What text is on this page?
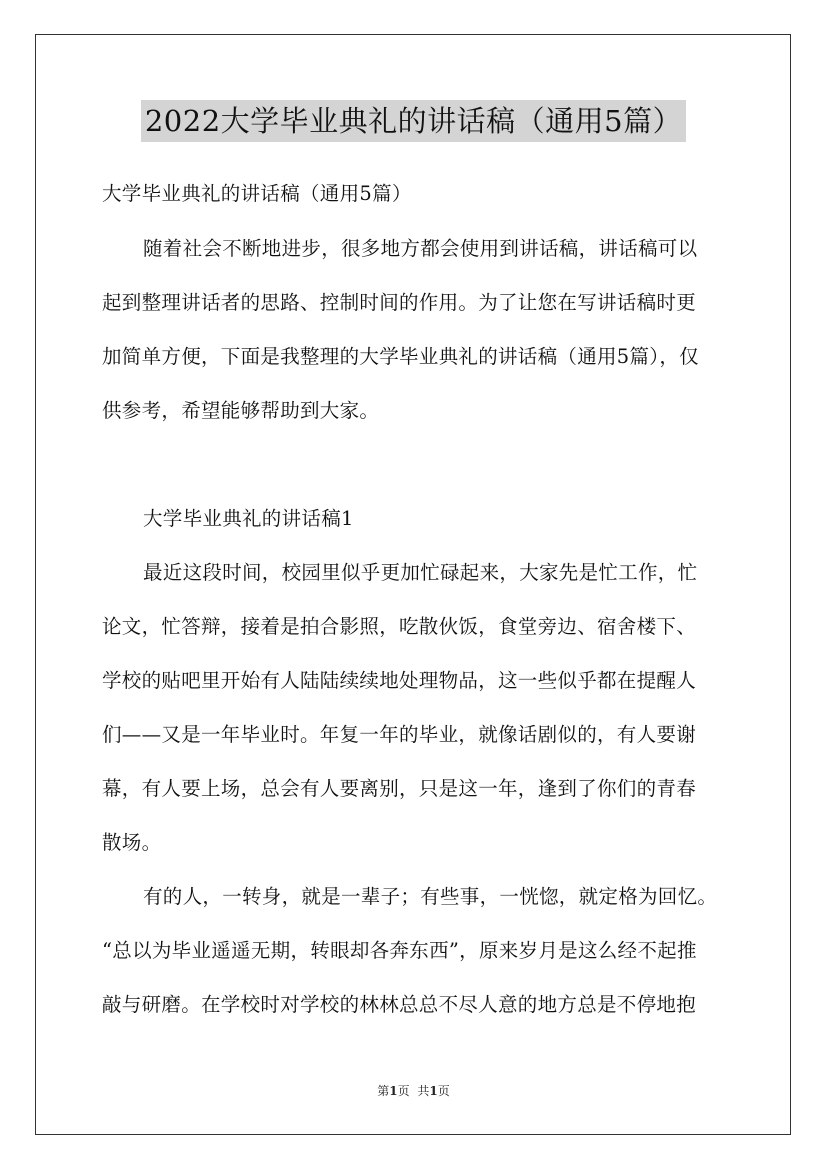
2022大学毕业典礼的讲话稿（通用5篇）
大学毕业典礼的讲话稿（通用5篇）
随着社会不断地进步，很多地方都会使用到讲话稿，讲话稿可以
起到整理讲话者的思路、控制时间的作用。为了让您在写讲话稿时更
加简单方便，下面是我整理的大学毕业典礼的讲话稿（通用5篇），仅
供参考，希望能够帮助到大家。
大学毕业典礼的讲话稿1
最近这段时间，校园里似乎更加忙碌起来，大家先是忙工作，忙
论文，忙答辩，接着是拍合影照，吃散伙饭，食堂旁边、宿舍楼下、
学校的贴吧里开始有人陆陆续续地处理物品，这一些似乎都在提醒人
们——又是一年毕业时。年复一年的毕业，就像话剧似的，有人要谢
幕，有人要上场，总会有人要离别，只是这一年，逢到了你们的青春
散场。
有的人，一转身，就是一辈子；有些事，一恍惚，就定格为回忆。
“总以为毕业遥遥无期，转眼却各奔东西”，原来岁月是这么经不起推
敲与研磨。在学校时对学校的林林总总不尽人意的地方总是不停地抱
第1页 共1页
